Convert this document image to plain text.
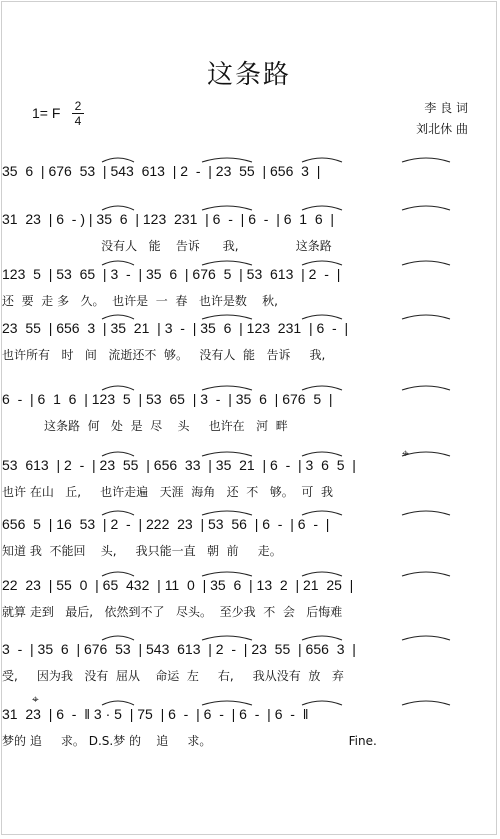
这条路
1= F 2
4
李 良 词
刘北休 曲
35  6  | 676  53  | 543  613  | 2  -  | 23  55  | 656  3  |
31  23  | 6  - ) | 35  6  | 123  231  | 6  -  | 6  -  | 6  1  6  |
没有人   能    告诉      我,               这条路
123  5  | 53  65  | 3  -  | 35  6  | 676  5  | 53  613  | 2  -  |
还  要  走 多   久。  也许是  一  春   也许是数    秋,
23  55  | 656  3  | 35  21  | 3  -  | 35  6  | 123  231  | 6  -  |
也许所有   时   间   流逝还不  够。   没有人  能   告诉     我,
6  -  | 6  1  6  | 123  5  | 53  65  | 3  -  | 35  6  | 676  5  |
这条路  何   处  是  尽    头     也许在   河  畔
53  613  | 2  -  | 23  55  | 656  33  | 35  21  | 6  -  | 3  6  5  |
也许 在山   丘,     也许走遍   天涯  海角   还  不   够。  可  我
656  5  | 16  53  | 2  -  | 222  23  | 53  56  | 6  -  | 6  -  |
知道 我  不能回    头,     我只能一直   朝  前     走。
22  23  | 55  0  | 65  432  | 11  0  | 35  6  | 13  2  | 21  25  |
就算 走到   最后,   依然到不了   尽头。  至少我  不  会   后悔难
3  -  | 35  6  | 676  53  | 543  613  | 2  -  | 23  55  | 656  3  |
受,     因为我   没有  屈从    命运  左     右,     我从没有  放   弃
31  23  | 6  -  ‖ 3 · 5  | 75  | 6  -  | 6  -  | 6  -  | 6  -  ‖
梦的 追     求。 D.S.梦 的    追     求。                                    Fine.
⌖
⌖
